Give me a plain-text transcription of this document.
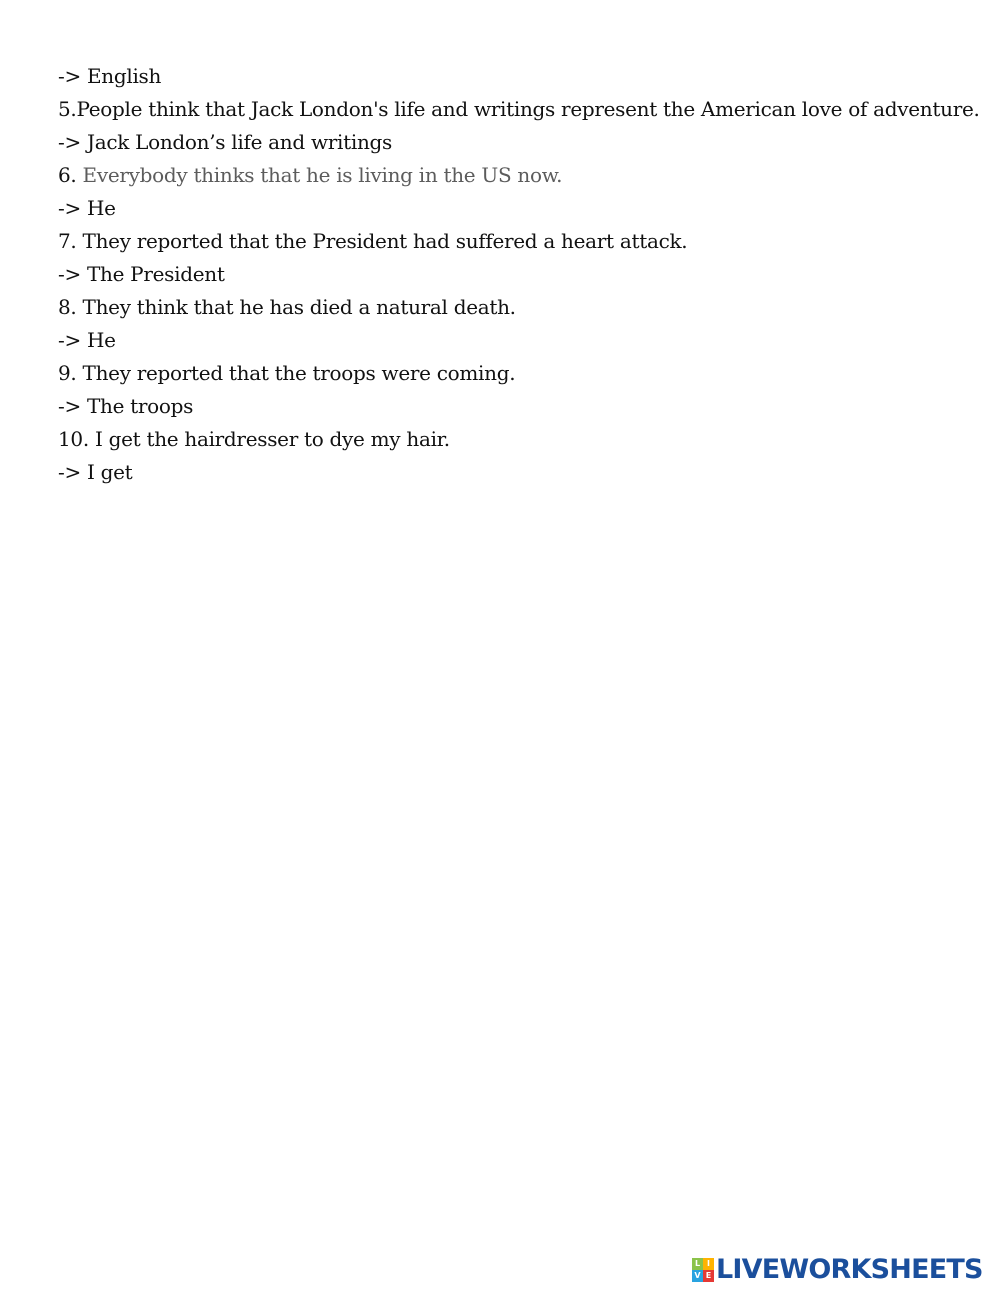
-> English
5.People think that Jack London's life and writings represent the American love of adventure.
-> Jack London’s life and writings
6. Everybody thinks that he is living in the US now.
-> He
7. They reported that the President had suffered a heart attack.
-> The President
8. They think that he has died a natural death.
-> He
9. They reported that the troops were coming.
-> The troops
10. I get the hairdresser to dye my hair.
-> I get
L I
V E LIVEWORKSHEETS
